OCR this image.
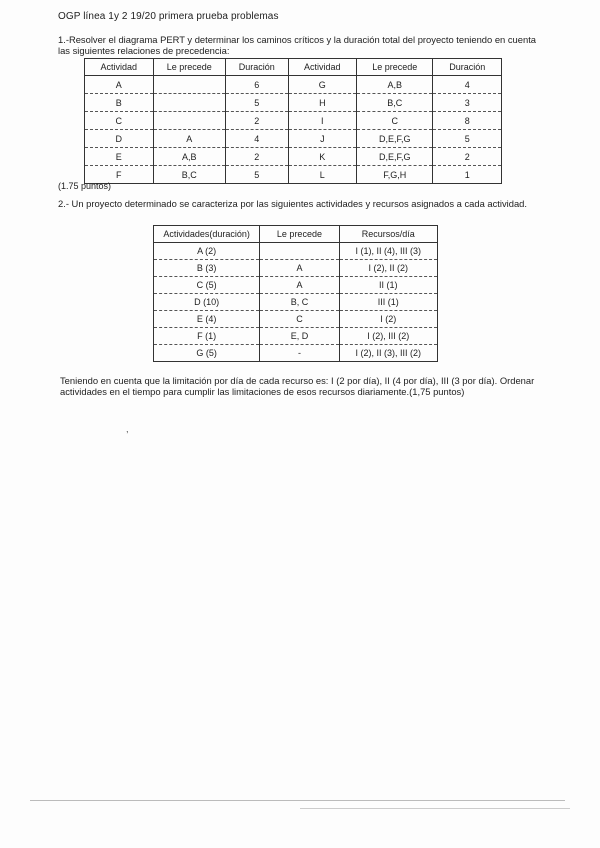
OGP línea 1y 2 19/20 primera prueba problemas
1.-Resolver el diagrama PERT y determinar los caminos críticos y la duración total del proyecto teniendo en cuenta las siguientes relaciones de precedencia:
Actividad	Le precede	Duración	Actividad	Le precede	Duración
A		6	G	A,B	4
B		5	H	B,C	3
C		2	I	C	8
D	A	4	J	D,E,F,G	5
E	A,B	2	K	D,E,F,G	2
F	B,C	5	L	F,G,H	1
(1.75 puntos)
2.- Un proyecto determinado se caracteriza por las siguientes actividades y recursos asignados a cada actividad.
Actividades(duración)	Le precede	Recursos/día
A (2)		I (1), II (4), III (3)
B (3)	A	I (2), II (2)
C (5)	A	II (1)
D (10)	B, C	III (1)
E (4)	C	I (2)
F (1)	E, D	I (2), III (2)
G (5)	-	I (2), II (3), III (2)
Teniendo en cuenta que la limitación por día de cada recurso es: I (2 por día), II (4 por día), III (3 por día). Ordenar actividades en el tiempo para cumplir las limitaciones de esos recursos diariamente.(1,75 puntos)
,
